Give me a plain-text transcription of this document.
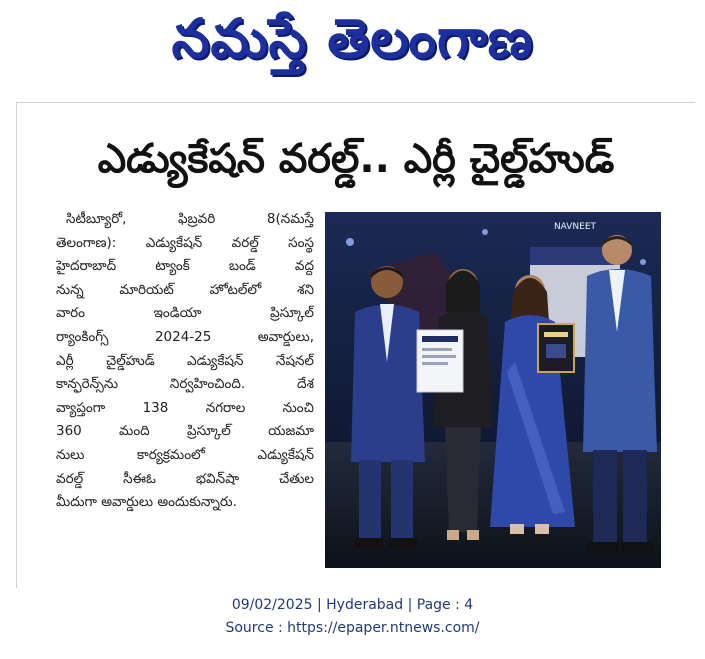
నమస్తే తెలంగాణ
ఎడ్యుకేషన్ వరల్డ్.. ఎర్లీ చైల్డ్‌హుడ్
సిటీబ్యూరో, ఫిబ్రవరి 8(నమస్తే
తెలంగాణ): ఎడ్యుకేషన్ వరల్డ్ సంస్థ
హైదరాబాద్ ట్యాంక్ బండ్ వద్ద
నున్న మారియట్ హోటల్‌లో శని
వారం ఇండియా ప్రిస్కూల్
ర్యాంకింగ్స్ 2024-25 అవార్డులు,
ఎర్లీ చైల్డ్‌హుడ్ ఎడ్యుకేషన్ నేషనల్
కాన్ఫరెన్స్‌ను నిర్వహించింది. దేశ
వ్యాప్తంగా 138 నగరాల నుంచి
360 మంది ప్రిస్కూల్ యజమా
నులు కార్యక్రమంలో ఎడ్యుకేషన్
వరల్డ్ సీఈఓ భవిన్‌షా చేతుల
మీదుగా అవార్డులు అందుకున్నారు.
NAVNEET
09/02/2025 | Hyderabad | Page : 4
Source : https://epaper.ntnews.com/
